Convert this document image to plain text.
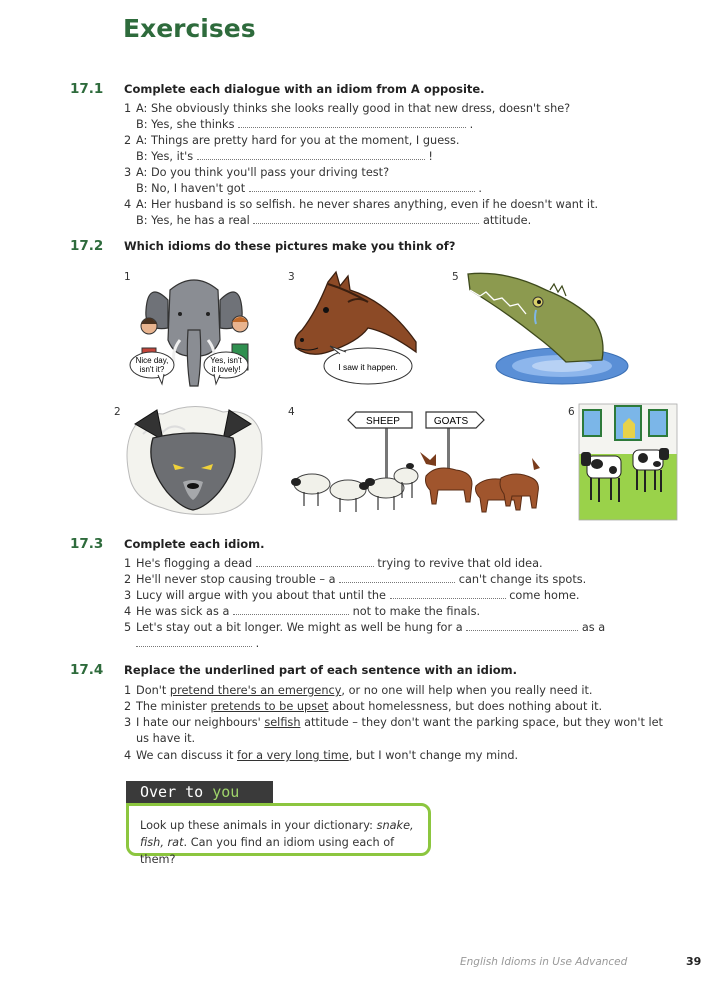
Exercises
17.1 Complete each dialogue with an idiom from A opposite.
1 A: She obviously thinks she looks really good in that new dress, doesn't she?
B: Yes, she thinks	.
2 A: Things are pretty hard for you at the moment, I guess.
B: Yes, it's	!
3 A: Do you think you'll pass your driving test?
B: No, I haven't got	.
4 A: Her husband is so selfish. he never shares anything, even if he doesn't want it.
B: Yes, he has a real	attitude.
17.2 Which idioms do these pictures make you think of?
1	3	5
2	4	6
Nice day,
isn't it?
Yes, isn't
it lovely!	I saw it happen.
SHEEP	GOATS
17.3 Complete each idiom.
1 He's flogging a dead	trying to revive that old idea.
2 He'll never stop causing trouble – a	can't change its spots.
3 Lucy will argue with you about that until the	come home.
4 He was sick as a	not to make the finals.
5 Let's stay out a bit longer. We might as well be hung for a	as a
.
17.4 Replace the underlined part of each sentence with an idiom.
1 Don't pretend there's an emergency, or no one will help when you really need it.
2 The minister pretends to be upset about homelessness, but does nothing about it.
3 I hate our neighbours' selfish attitude – they don't want the parking space, but they won't let
us have it.
4 We can discuss it for a very long time, but I won't change my mind.
Over to you
Look up these animals in your dictionary: snake,
fish, rat. Can you find an idiom using each of them?
English Idioms in Use Advanced	39
